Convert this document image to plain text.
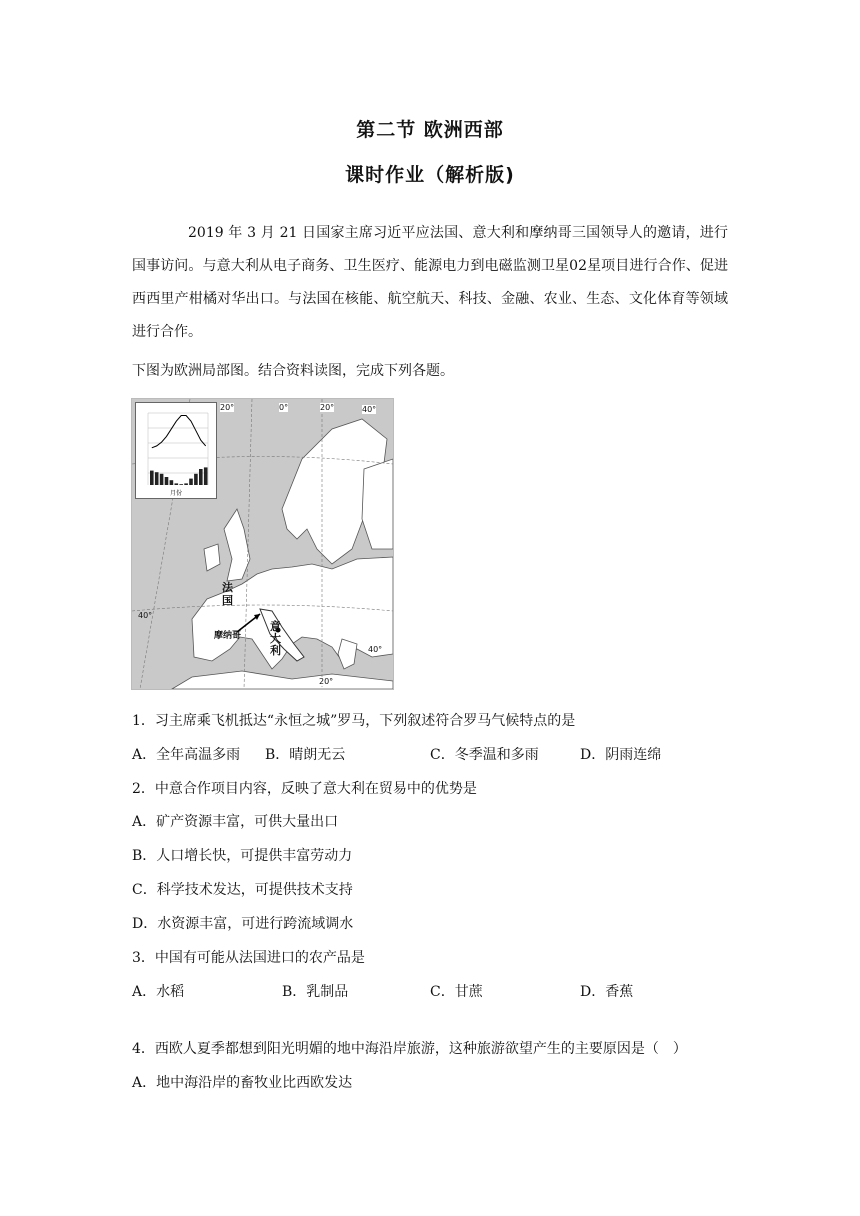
第二节 欧洲西部
课时作业（解析版)
2019 年 3 月 21 日国家主席习近平应法国、意大利和摩纳哥三国领导人的邀请，进行国事访问。与意大利从电子商务、卫生医疗、能源电力到电磁监测卫星02星项目进行合作、促进西西里产柑橘对华出口。与法国在核能、航空航天、科技、金融、农业、生态、文化体育等领域进行合作。
下图为欧洲局部图。结合资料读图，完成下列各题。
月份
20°	0°	20°	40°
20°
40°
40°
法国
意大利
摩纳哥
1．习主席乘飞机抵达“永恒之城”罗马，下列叙述符合罗马气候特点的是
A．全年高温多雨 B．晴朗无云	C．冬季温和多雨	D．阴雨连绵
2．中意合作项目内容，反映了意大利在贸易中的优势是
A．矿产资源丰富，可供大量出口
B．人口增长快，可提供丰富劳动力
C．科学技术发达，可提供技术支持
D．水资源丰富，可进行跨流域调水
3．中国有可能从法国进口的农产品是
A．水稻	B．乳制品	C．甘蔗	D．香蕉
4．西欧人夏季都想到阳光明媚的地中海沿岸旅游，这种旅游欲望产生的主要原因是（　）
A．地中海沿岸的畜牧业比西欧发达
